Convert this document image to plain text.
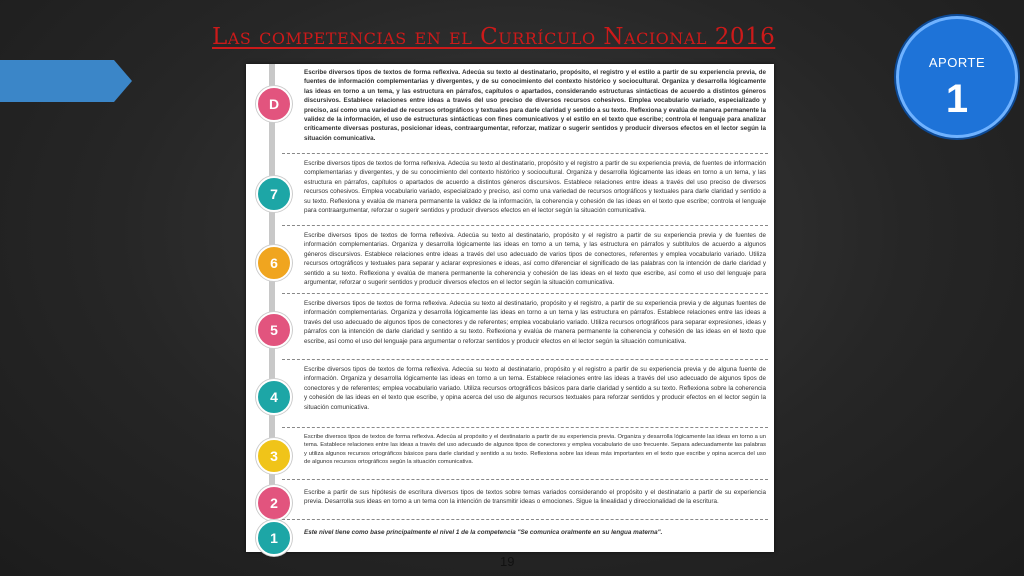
Las competencias en el Currículo Nacional 2016
APORTE
1
D
Escribe diversos tipos de textos de forma reflexiva. Adecúa su texto al destinatario, propósito, el registro y el estilo a partir de su experiencia previa, de fuentes de información complementarias y divergentes, y de su conocimiento del contexto histórico y sociocultural. Organiza y desarrolla lógicamente las ideas en torno a un tema, y las estructura en párrafos, capítulos o apartados, considerando estructuras sintácticas de acuerdo a distintos géneros discursivos. Establece relaciones entre ideas a través del uso preciso de diversos recursos cohesivos. Emplea vocabulario variado, especializado y preciso, así como una variedad de recursos ortográficos y textuales para darle claridad y sentido a su texto. Reflexiona y evalúa de manera permanente la validez de la información, el uso de estructuras sintácticas con fines comunicativos y el estilo en el texto que escribe; controla el lenguaje para analizar críticamente diversas posturas, posicionar ideas, contraargumentar, reforzar, matizar o sugerir sentidos y producir diversos efectos en el lector según la situación comunicativa.
7
Escribe diversos tipos de textos de forma reflexiva. Adecúa su texto al destinatario, propósito y el registro a partir de su experiencia previa, de fuentes de información complementarias y divergentes, y de su conocimiento del contexto histórico y sociocultural. Organiza y desarrolla lógicamente las ideas en torno a un tema, y las estructura en párrafos, capítulos o apartados de acuerdo a distintos géneros discursivos. Establece relaciones entre ideas a través del uso preciso de diversos recursos cohesivos. Emplea vocabulario variado, especializado y preciso, así como una variedad de recursos ortográficos y textuales para darle claridad y sentido a su texto. Reflexiona y evalúa de manera permanente la validez de la información, la coherencia y cohesión de las ideas en el texto que escribe; controla el lenguaje para contraargumentar, reforzar o sugerir sentidos y producir diversos efectos en el lector según la situación comunicativa.
6
Escribe diversos tipos de textos de forma reflexiva. Adecúa su texto al destinatario, propósito y el registro a partir de su experiencia previa y de fuentes de información complementarias. Organiza y desarrolla lógicamente las ideas en torno a un tema, y las estructura en párrafos y subtítulos de acuerdo a algunos géneros discursivos. Establece relaciones entre ideas a través del uso adecuado de varios tipos de conectores, referentes y emplea vocabulario variado. Utiliza recursos ortográficos y textuales para separar y aclarar expresiones e ideas, así como diferenciar el significado de las palabras con la intención de darle claridad y sentido a su texto. Reflexiona y evalúa de manera permanente la coherencia y cohesión de las ideas en el texto que escribe, así como el uso del lenguaje para argumentar, reforzar o sugerir sentidos y producir diversos efectos en el lector según la situación comunicativa.
5
Escribe diversos tipos de textos de forma reflexiva. Adecúa su texto al destinatario, propósito y el registro, a partir de su experiencia previa y de algunas fuentes de información complementarias. Organiza y desarrolla lógicamente las ideas en torno a un tema y las estructura en párrafos. Establece relaciones entre las ideas a través del uso adecuado de algunos tipos de conectores y de referentes; emplea vocabulario variado. Utiliza recursos ortográficos para separar expresiones, ideas y párrafos con la intención de darle claridad y sentido a su texto. Reflexiona y evalúa de manera permanente la coherencia y cohesión de las ideas en el texto que escribe, así como el uso del lenguaje para argumentar o reforzar sentidos y producir efectos en el lector según la situación comunicativa.
4
Escribe diversos tipos de textos de forma reflexiva. Adecúa su texto al destinatario, propósito y el registro a partir de su experiencia previa y de alguna fuente de información. Organiza y desarrolla lógicamente las ideas en torno a un tema. Establece relaciones entre las ideas a través del uso adecuado de algunos tipos de conectores y de referentes; emplea vocabulario variado. Utiliza recursos ortográficos básicos para darle claridad y sentido a su texto. Reflexiona sobre la coherencia y cohesión de las ideas en el texto que escribe, y opina acerca del uso de algunos recursos textuales para reforzar sentidos y producir efectos en el lector según la situación comunicativa.
3
Escribe diversos tipos de textos de forma reflexiva. Adecúa al propósito y el destinatario a partir de su experiencia previa. Organiza y desarrolla lógicamente las ideas en torno a un tema. Establece relaciones entre las ideas a través del uso adecuado de algunos tipos de conectores y emplea vocabulario de uso frecuente. Separa adecuadamente las palabras y utiliza algunos recursos ortográficos básicos para darle claridad y sentido a su texto. Reflexiona sobre las ideas más importantes en el texto que escribe y opina acerca del uso de algunos recursos ortográficos según la situación comunicativa.
2
Escribe a partir de sus hipótesis de escritura diversos tipos de textos sobre temas variados considerando el propósito y el destinatario a partir de su experiencia previa. Desarrolla sus ideas en torno a un tema con la intención de transmitir ideas o emociones. Sigue la linealidad y direccionalidad de la escritura.
1	Este nivel tiene como base principalmente el nivel 1 de la competencia "Se comunica oralmente en su lengua materna".
19
